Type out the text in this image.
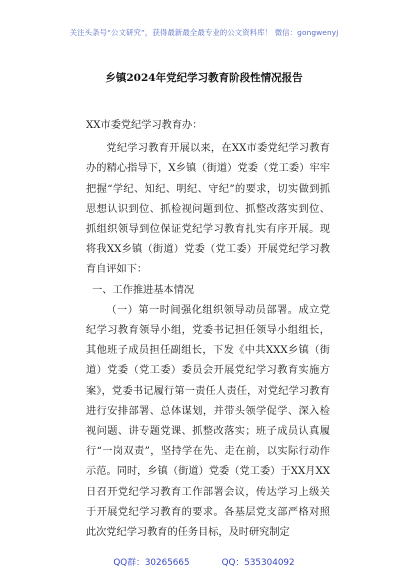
关注头条号“公文研究”，获得最新最全最专业的公文资料库！ 微信：gongwenyj
乡镇2024年党纪学习教育阶段性情况报告

XX市委党纪学习教育办：

党纪学习教育开展以来，在XX市委党纪学习教育办的精心指导下，X乡镇（街道）党委（党工委）牢牢把握“学纪、知纪、明纪、守纪”的要求，切实做到抓思想认识到位、抓检视问题到位、抓整改落实到位、抓组织领导到位保证党纪学习教育扎实有序开展。现将我XX乡镇（街道）党委（党工委）开展党纪学习教育自评如下：

一、工作推进基本情况

（一）第一时间强化组织领导动员部署。成立党纪学习教育领导小组，党委书记担任领导小组组长，其他班子成员担任副组长，下发《中共XXX乡镇（街道）党委（党工委）委员会开展党纪学习教育实施方案》，党委书记履行第一责任人责任，对党纪学习教育进行安排部署、总体谋划，并带头领学促学、深入检视问题、讲专题党课、抓整改落实；班子成员认真履行“一岗双责”，坚持学在先、走在前，以实际行动作示范。同时，乡镇（街道）党委（党工委）于XX月XX日召开党纪学习教育工作部署会议，传达学习上级关于开展党纪学习教育的要求。各基层党支部严格对照此次党纪学习教育的任务目标，及时研究制定

QQ群：30265665	QQ：535304092
